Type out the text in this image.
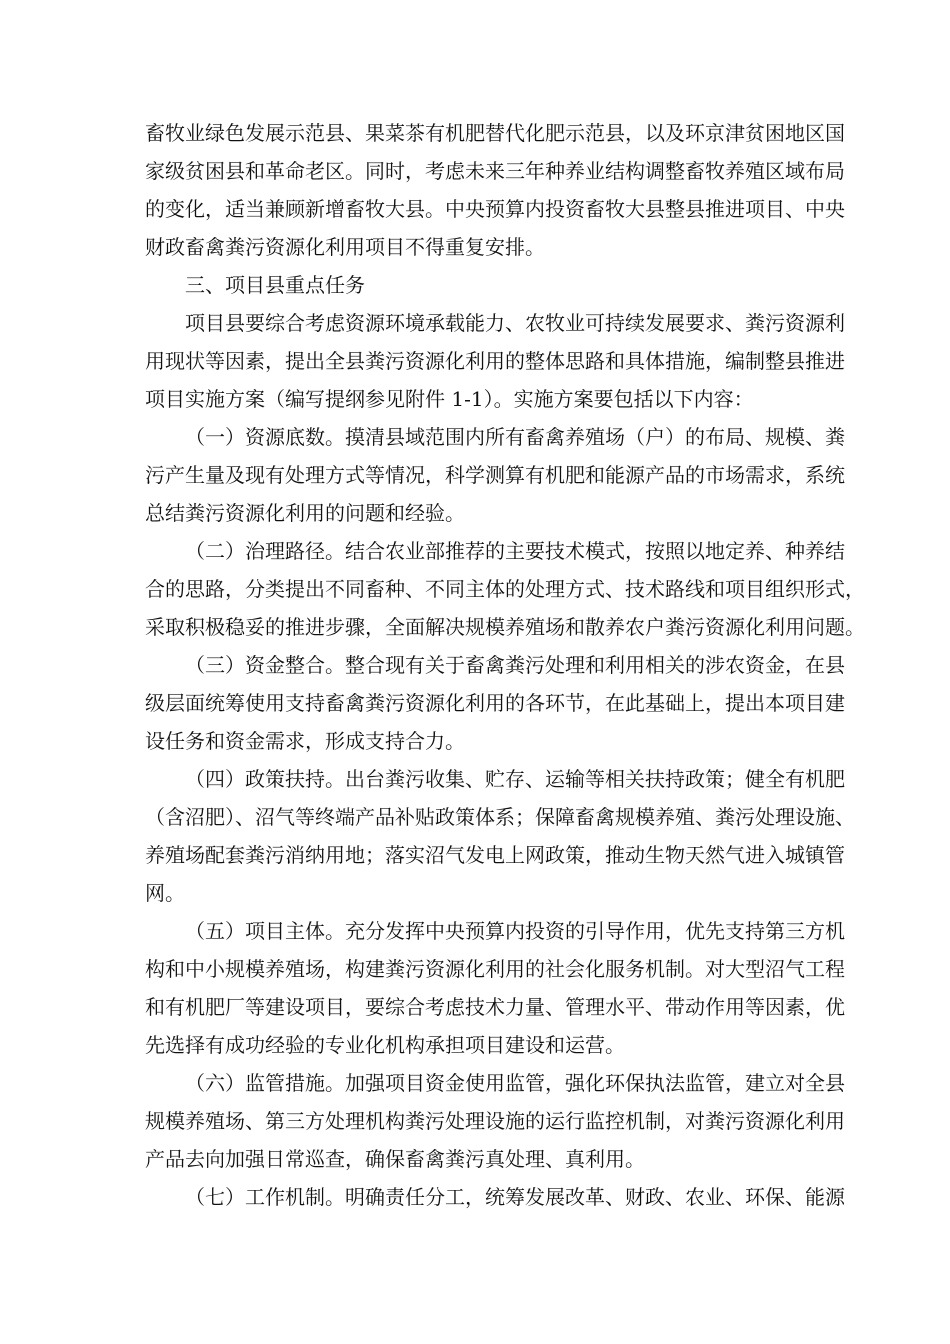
畜牧业绿色发展示范县、果菜茶有机肥替代化肥示范县，以及环京津贫困地区国
家级贫困县和革命老区。同时，考虑未来三年种养业结构调整畜牧养殖区域布局
的变化，适当兼顾新增畜牧大县。中央预算内投资畜牧大县整县推进项目、中央
财政畜禽粪污资源化利用项目不得重复安排。
三、项目县重点任务
项目县要综合考虑资源环境承载能力、农牧业可持续发展要求、粪污资源利
用现状等因素，提出全县粪污资源化利用的整体思路和具体措施，编制整县推进
项目实施方案（编写提纲参见附件 1-1）。实施方案要包括以下内容：
（一）资源底数。摸清县域范围内所有畜禽养殖场（户）的布局、规模、粪
污产生量及现有处理方式等情况，科学测算有机肥和能源产品的市场需求，系统
总结粪污资源化利用的问题和经验。
（二）治理路径。结合农业部推荐的主要技术模式，按照以地定养、种养结
合的思路，分类提出不同畜种、不同主体的处理方式、技术路线和项目组织形式，
采取积极稳妥的推进步骤，全面解决规模养殖场和散养农户粪污资源化利用问题。
（三）资金整合。整合现有关于畜禽粪污处理和利用相关的涉农资金，在县
级层面统筹使用支持畜禽粪污资源化利用的各环节，在此基础上，提出本项目建
设任务和资金需求，形成支持合力。
（四）政策扶持。出台粪污收集、贮存、运输等相关扶持政策；健全有机肥
（含沼肥）、沼气等终端产品补贴政策体系；保障畜禽规模养殖、粪污处理设施、
养殖场配套粪污消纳用地；落实沼气发电上网政策，推动生物天然气进入城镇管
网。
（五）项目主体。充分发挥中央预算内投资的引导作用，优先支持第三方机
构和中小规模养殖场，构建粪污资源化利用的社会化服务机制。对大型沼气工程
和有机肥厂等建设项目，要综合考虑技术力量、管理水平、带动作用等因素，优
先选择有成功经验的专业化机构承担项目建设和运营。
（六）监管措施。加强项目资金使用监管，强化环保执法监管，建立对全县
规模养殖场、第三方处理机构粪污处理设施的运行监控机制，对粪污资源化利用
产品去向加强日常巡查，确保畜禽粪污真处理、真利用。
（七）工作机制。明确责任分工，统筹发展改革、财政、农业、环保、能源
